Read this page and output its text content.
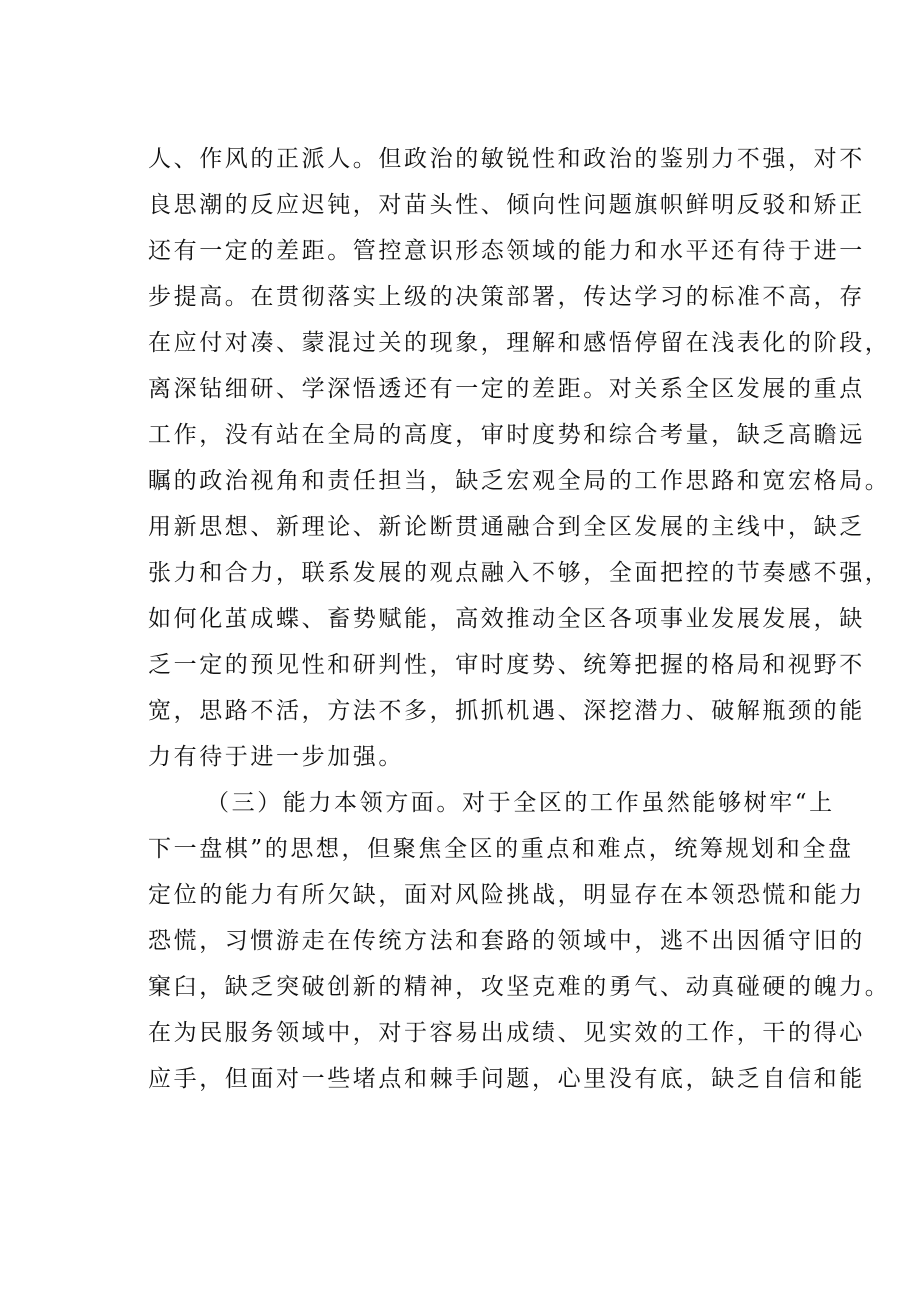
人、作风的正派人。但政治的敏锐性和政治的鉴别力不强，对不
良思潮的反应迟钝，对苗头性、倾向性问题旗帜鲜明反驳和矫正
还有一定的差距。管控意识形态领域的能力和水平还有待于进一
步提高。在贯彻落实上级的决策部署，传达学习的标准不高，存
在应付对凑、蒙混过关的现象，理解和感悟停留在浅表化的阶段，
离深钻细研、学深悟透还有一定的差距。对关系全区发展的重点
工作，没有站在全局的高度，审时度势和综合考量，缺乏高瞻远
瞩的政治视角和责任担当，缺乏宏观全局的工作思路和宽宏格局。
用新思想、新理论、新论断贯通融合到全区发展的主线中，缺乏
张力和合力，联系发展的观点融入不够，全面把控的节奏感不强，
如何化茧成蝶、畜势赋能，高效推动全区各项事业发展发展，缺
乏一定的预见性和研判性，审时度势、统筹把握的格局和视野不
宽，思路不活，方法不多，抓抓机遇、深挖潜力、破解瓶颈的能
力有待于进一步加强。
（三）能力本领方面。对于全区的工作虽然能够树牢“上
下一盘棋”的思想，但聚焦全区的重点和难点，统筹规划和全盘
定位的能力有所欠缺，面对风险挑战，明显存在本领恐慌和能力
恐慌，习惯游走在传统方法和套路的领域中，逃不出因循守旧的
窠臼，缺乏突破创新的精神，攻坚克难的勇气、动真碰硬的魄力。
在为民服务领域中，对于容易出成绩、见实效的工作，干的得心
应手，但面对一些堵点和棘手问题，心里没有底，缺乏自信和能
